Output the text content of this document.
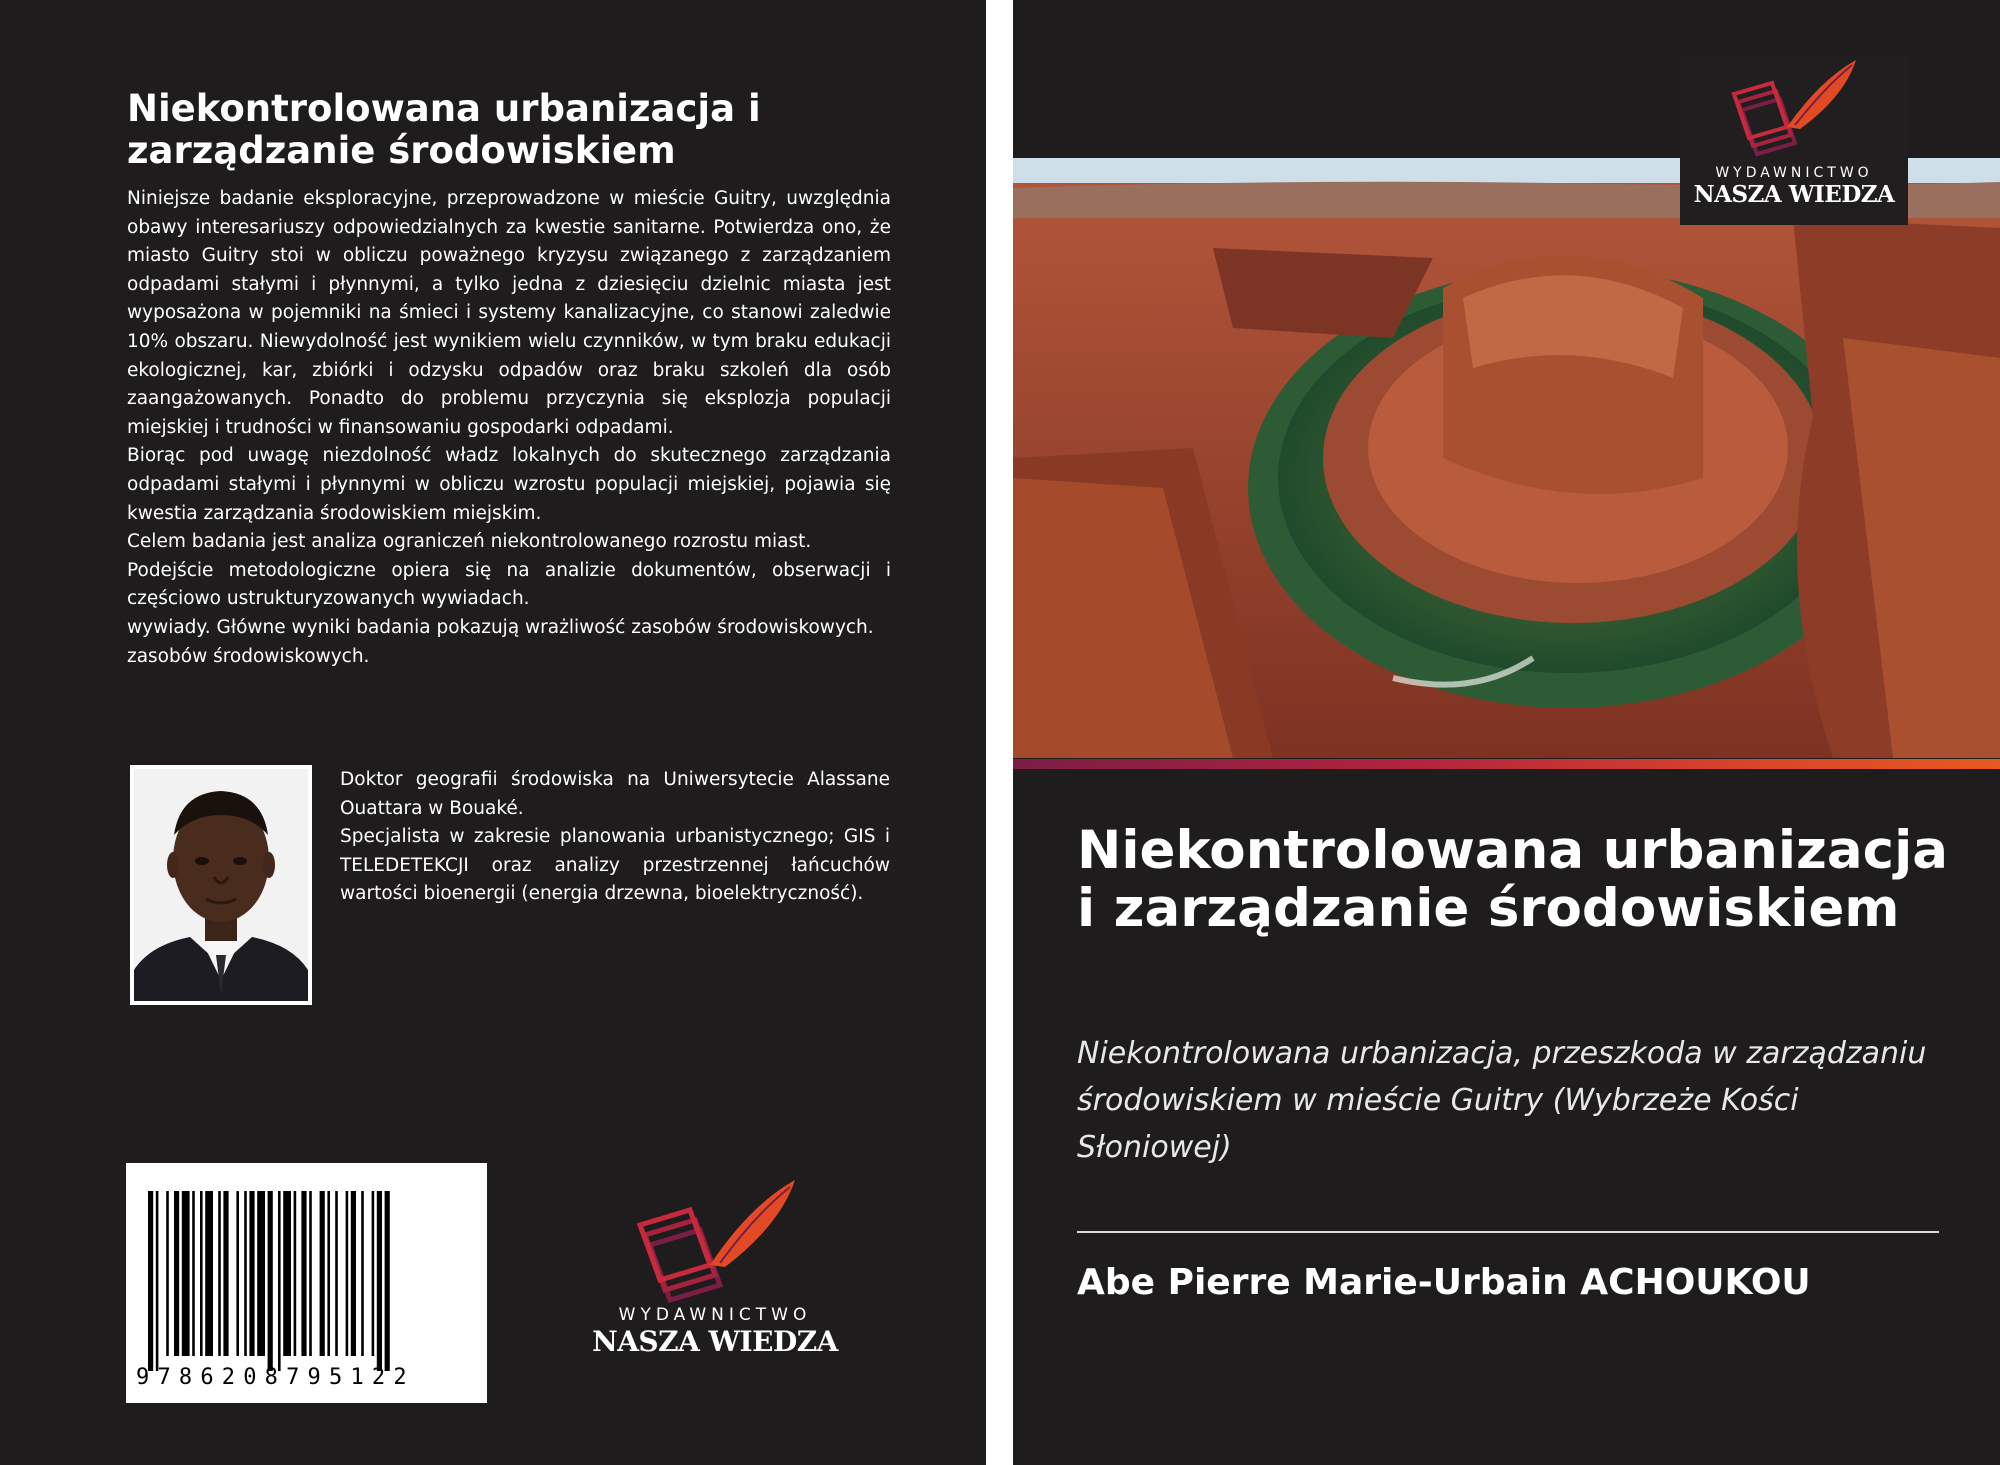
Niekontrolowana urbanizacja i
zarządzanie środowiskiem

Niniejsze badanie eksploracyjne, przeprowadzone w mieście Guitry, uwzględnia obawy interesariuszy odpowiedzialnych za kwestie sanitarne. Potwierdza ono, że miasto Guitry stoi w obliczu poważnego kryzysu związanego z zarządzaniem odpadami stałymi i płynnymi, a tylko jedna z dziesięciu dzielnic miasta jest wyposażona w pojemniki na śmieci i systemy kanalizacyjne, co stanowi zaledwie 10% obszaru. Niewydolność jest wynikiem wielu czynników, w tym braku edukacji ekologicznej, kar, zbiórki i odzysku odpadów oraz braku szkoleń dla osób zaangażowanych. Ponadto do problemu przyczynia się eksplozja populacji miejskiej i trudności w finansowaniu gospodarki odpadami.

Biorąc pod uwagę niezdolność władz lokalnych do skutecznego zarządzania odpadami stałymi i płynnymi w obliczu wzrostu populacji miejskiej, pojawia się kwestia zarządzania środowiskiem miejskim.

Celem badania jest analiza ograniczeń niekontrolowanego rozrostu miast.

Podejście metodologiczne opiera się na analizie dokumentów, obserwacji i częściowo ustrukturyzowanych wywiadach.

wywiady. Główne wyniki badania pokazują wrażliwość zasobów środowiskowych.

zasobów środowiskowych.

Doktor geografii środowiska na Uniwersytecie Alassane Ouattara w Bouaké.

Specjalista w zakresie planowania urbanistycznego; GIS i TELEDETEKCJI oraz analizy przestrzennej łańcuchów wartości bioenergii (energia drzewna, bioelektryczność).

9786208795122
WYDAWNICTWO
NASZA WIEDZA
WYDAWNICTWO
NASZA WIEDZA
Niekontrolowana urbanizacja i zarządzanie środowiskiem

Niekontrolowana urbanizacja, przeszkoda w zarządzaniu środowiskiem w mieście Guitry (Wybrzeże Kości Słoniowej)

Abe Pierre Marie-Urbain ACHOUKOU
